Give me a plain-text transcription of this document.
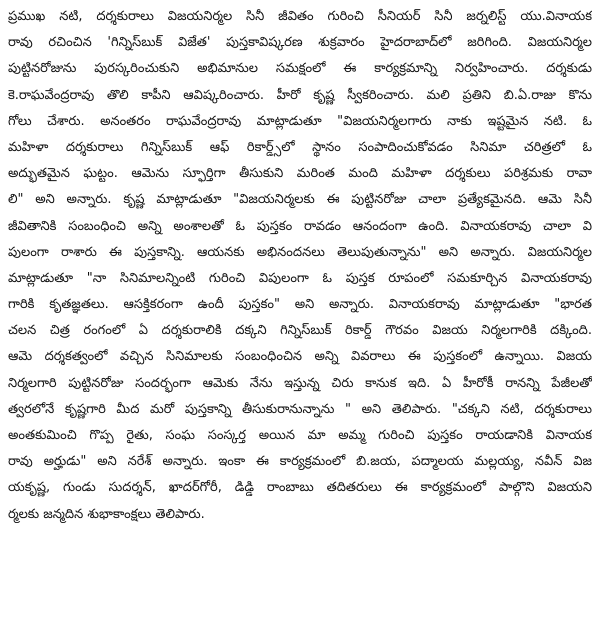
ప్రముఖ నటి, దర్శకురాలు విజయనిర్మల సినీ జీవితం గురించి సీనియర్ సినీ జర్నలిస్ట్ యు.వినాయక
రావు రచించిన 'గిన్నిస్‌బుక్ విజేత' పుస్తకావిష్కరణ శుక్రవారం హైదరాబాద్‌లో జరిగింది. విజయనిర్మల
పుట్టినరోజును పురస్కరించుకుని అభిమానుల సమక్షంలో ఈ కార్యక్రమాన్ని నిర్వహించారు. దర్శకుడు
కె.రాఘవేంద్రరావు తొలి కాపీని ఆవిష్కరించారు. హీరో కృష్ణ స్వీకరించారు. మలి ప్రతిని బి.ఏ.రాజు కొను
గోలు చేశారు. అనంతరం రాఘవేంద్రరావు మాట్లాడుతూ "విజయనిర్మలగారు నాకు ఇష్టమైన నటి. ఓ
మహిళా దర్శకురాలు గిన్నిస్‌బుక్ ఆఫ్ రికార్డ్స్‌లో స్థానం సంపాదించుకోవడం సినిమా చరిత్రలో ఓ
అద్భుతమైన ఘట్టం. ఆమెను స్ఫూర్తిగా తీసుకుని మరింత మంది మహిళా దర్శకులు పరిశ్రమకు రావా
లి" అని అన్నారు. కృష్ణ మాట్లాడుతూ "విజయనిర్మలకు ఈ పుట్టినరోజు చాలా ప్రత్యేకమైనది. ఆమె సినీ
జీవితానికి సంబంధించి అన్ని అంశాలతో ఓ పుస్తకం రావడం ఆనందంగా ఉంది. వినాయకరావు చాలా వి
పులంగా రాశారు ఈ పుస్తకాన్ని. ఆయనకు అభినందనలు తెలుపుతున్నాను" అని అన్నారు. విజయనిర్మల
మాట్లాడుతూ "నా సినిమాలన్నింటి గురించి విపులంగా ఓ పుస్తక రూపంలో సమకూర్చిన వినాయకరావు
గారికి కృతజ్ఞతలు. ఆసక్తికరంగా ఉందీ పుస్తకం" అని అన్నారు. వినాయకరావు మాట్లాడుతూ "భారత
చలన చిత్ర రంగంలో ఏ దర్శకురాలికి దక్కని గిన్నిస్‌బుక్ రికార్డ్ గౌరవం విజయ నిర్మలగారికి దక్కింది.
ఆమె దర్శకత్వంలో వచ్చిన సినిమాలకు సంబంధించిన అన్ని వివరాలు ఈ పుస్తకంలో ఉన్నాయి. విజయ
నిర్మలగారి పుట్టినరోజు సందర్భంగా ఆమెకు నేను ఇస్తున్న చిరు కానుక ఇది. ఏ హీరోకీ రానన్ని పేజీలతో
త్వరలోనే కృష్ణగారి మీద మరో పుస్తకాన్ని తీసుకురానున్నాను " అని తెలిపారు. "చక్కని నటి, దర్శకురాలు
అంతకుమించి గొప్ప రైతు, సంఘ సంస్కర్త అయిన మా అమ్మ గురించి పుస్తకం రాయడానికి వినాయక
రావు అర్హుడు" అని నరేశ్ అన్నారు. ఇంకా ఈ కార్యక్రమంలో బి.జయ, పద్మాలయ మల్లయ్య, నవీన్ విజ
యకృష్ణ, గుండు సుదర్శన్, ఖాదర్‌గోరీ, డిడ్డి రాంబాబు తదితరులు ఈ కార్యక్రమంలో పాల్గొని విజయని
ర్మలకు జన్మదిన శుభాకాంక్షలు తెలిపారు.
